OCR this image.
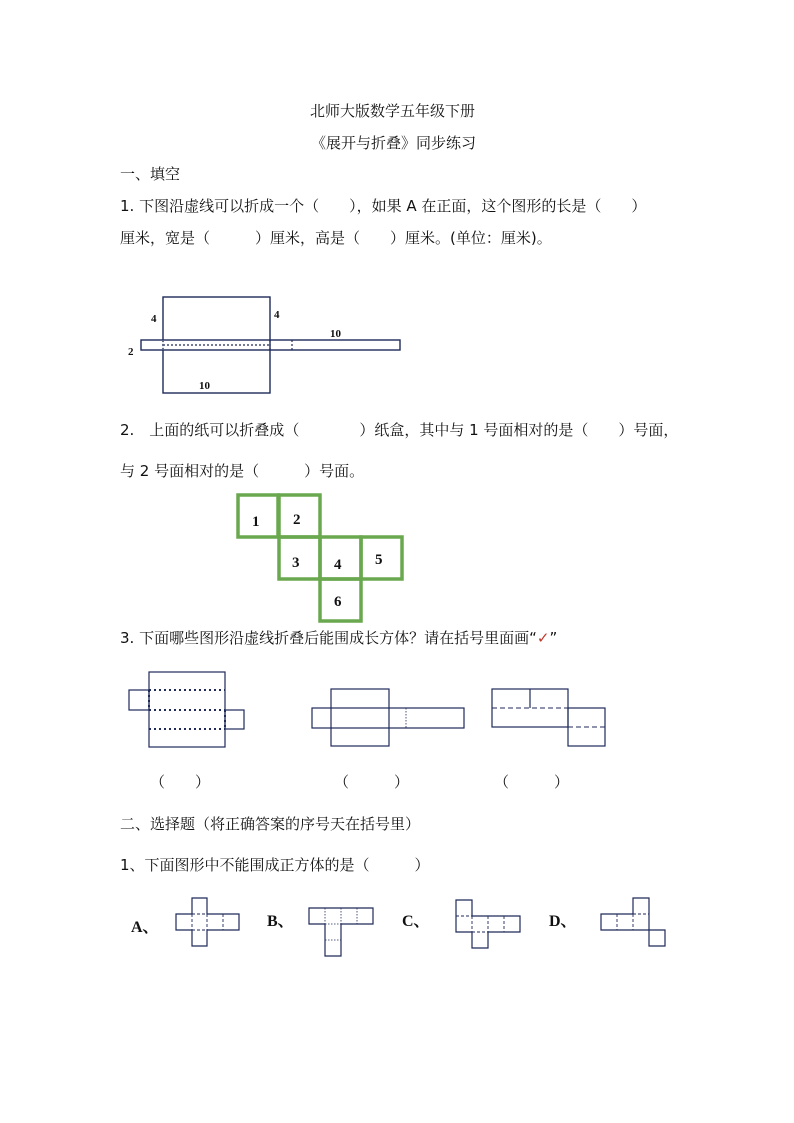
北师大版数学五年级下册
《展开与折叠》同步练习
一、填空
1. 下图沿虚线可以折成一个（　　），如果 A 在正面，这个图形的长是（　　）
厘米，宽是（　　　）厘米，高是（　　）厘米。(单位：厘米)。
4	4
10
2
10
2.　上面的纸可以折叠成（　　　　）纸盒，其中与 1 号面相对的是（　　）号面，
与 2 号面相对的是（　　　）号面。
1 2
3 4 5
6
3. 下面哪些图形沿虚线折叠后能围成长方体？请在括号里面画“✓”
（　　）	（　　　）	（　　　）
二、选择题（将正确答案的序号天在括号里）
1、下面图形中不能围成正方体的是（　　　）
A、	B、	C、	D、
